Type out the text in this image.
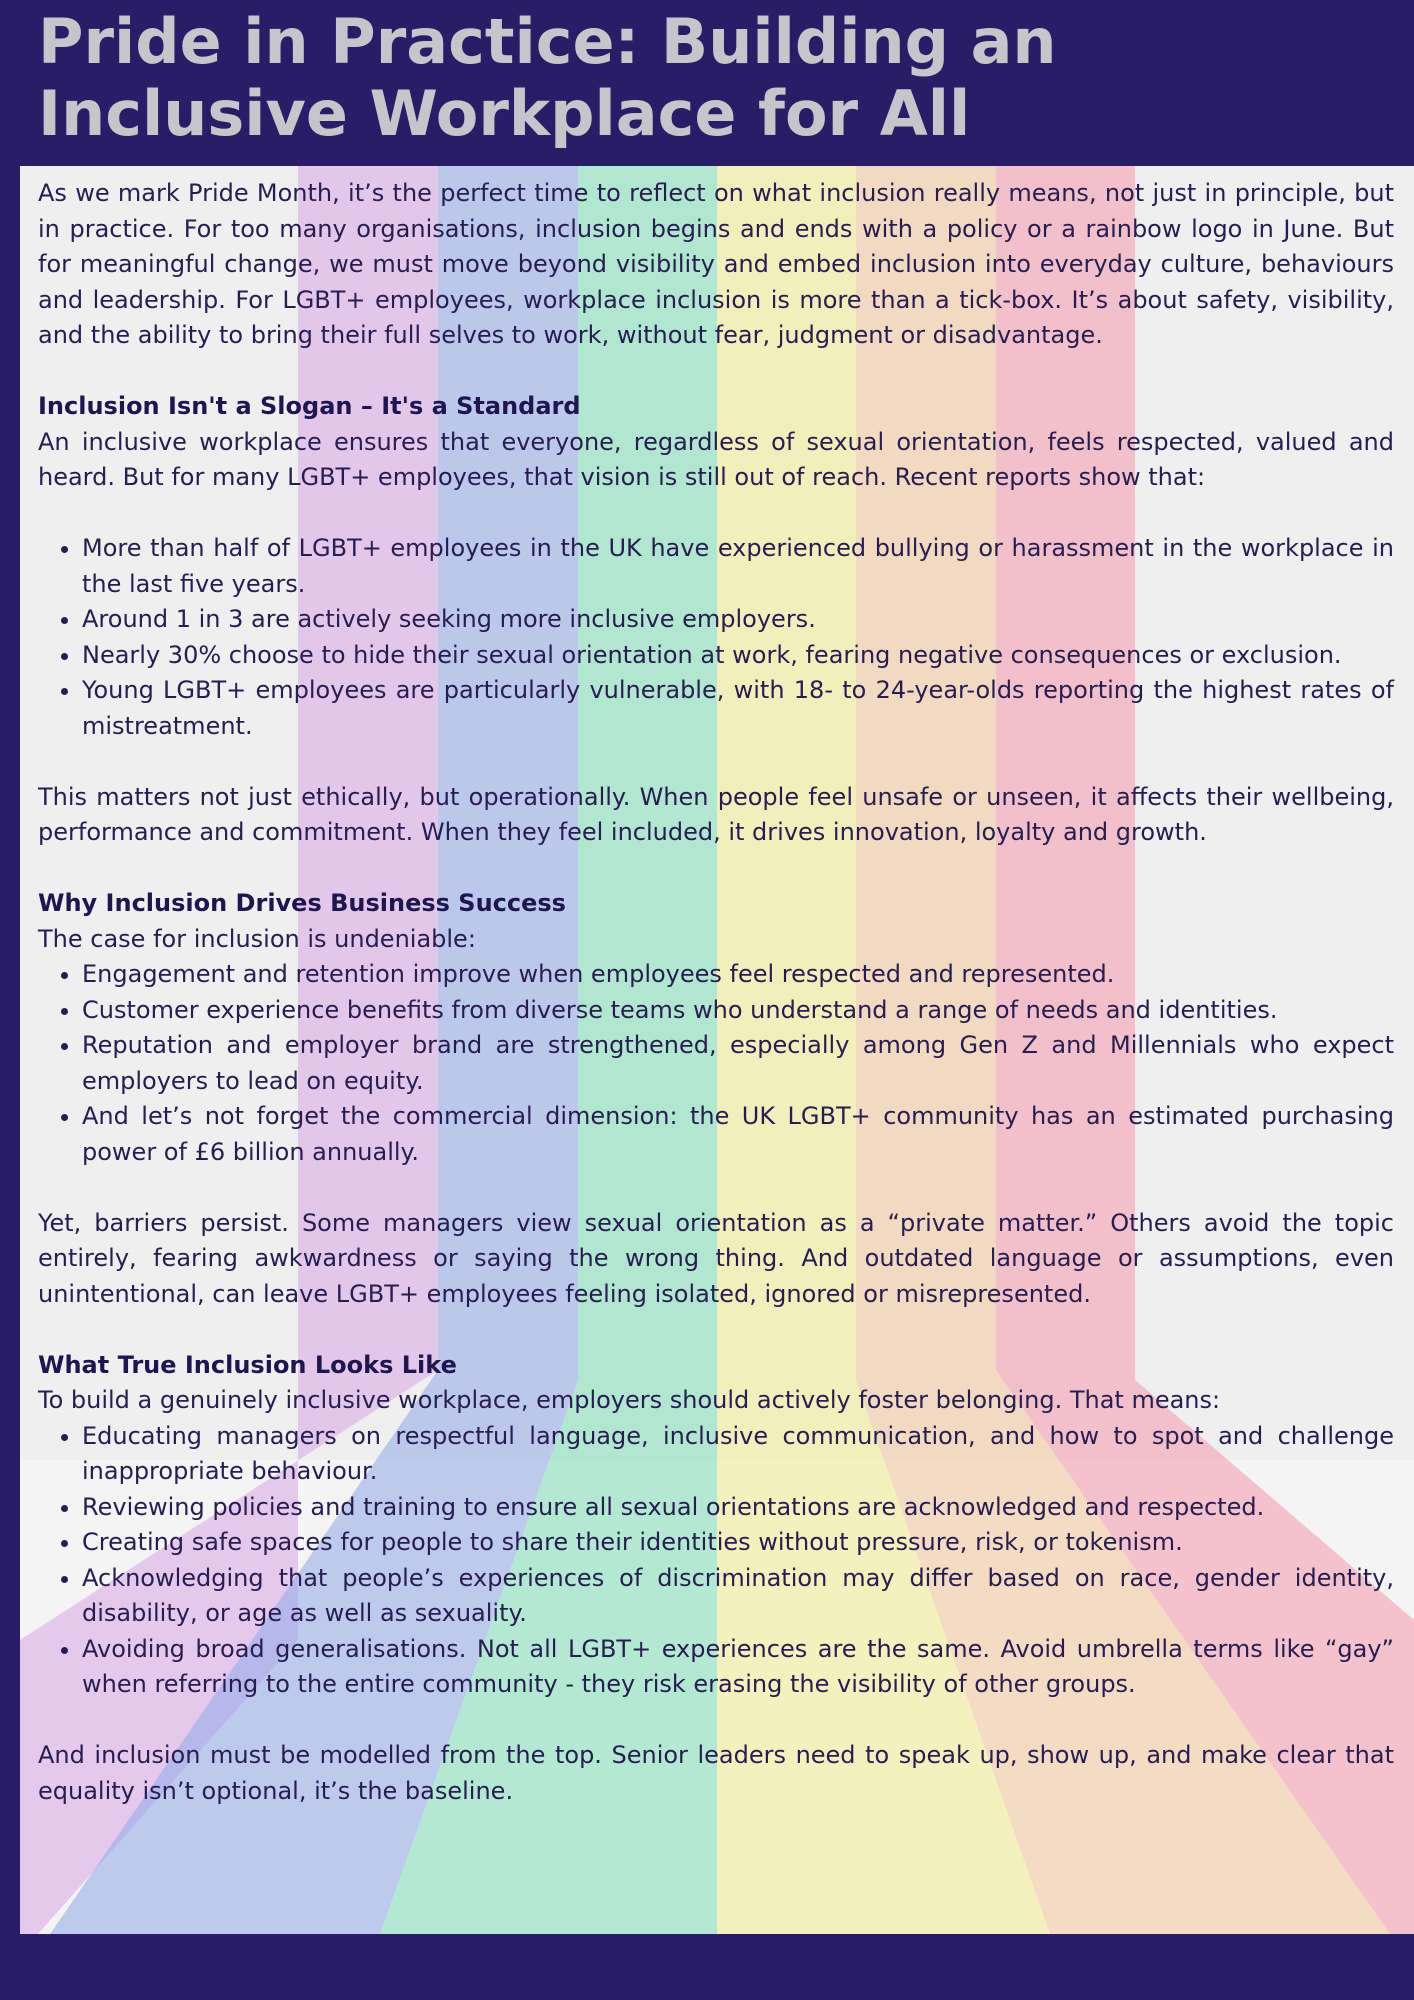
Pride in Practice: Building an Inclusive Workplace for All

As we mark Pride Month, it’s the perfect time to reflect on what inclusion really means, not just in principle, but in practice. For too many organisations, inclusion begins and ends with a policy or a rainbow logo in June. But for meaningful change, we must move beyond visibility and embed inclusion into everyday culture, behaviours and leadership. For LGBT+ employees, workplace inclusion is more than a tick-box. It’s about safety, visibility, and the ability to bring their full selves to work, without fear, judgment or disadvantage.

Inclusion Isn't a Slogan – It's a Standard

An inclusive workplace ensures that everyone, regardless of sexual orientation, feels respected, valued and heard. But for many LGBT+ employees, that vision is still out of reach. Recent reports show that:

• More than half of LGBT+ employees in the UK have experienced bullying or harassment in the workplace in the last five years.
• Around 1 in 3 are actively seeking more inclusive employers.
• Nearly 30% choose to hide their sexual orientation at work, fearing negative consequences or exclusion.
• Young LGBT+ employees are particularly vulnerable, with 18- to 24-year-olds reporting the highest rates of mistreatment.

This matters not just ethically, but operationally. When people feel unsafe or unseen, it affects their wellbeing, performance and commitment. When they feel included, it drives innovation, loyalty and growth.

Why Inclusion Drives Business Success

The case for inclusion is undeniable:

• Engagement and retention improve when employees feel respected and represented.
• Customer experience benefits from diverse teams who understand a range of needs and identities.
• Reputation and employer brand are strengthened, especially among Gen Z and Millennials who expect employers to lead on equity.
• And let’s not forget the commercial dimension: the UK LGBT+ community has an estimated purchasing power of £6 billion annually.

Yet, barriers persist. Some managers view sexual orientation as a “private matter.” Others avoid the topic entirely, fearing awkwardness or saying the wrong thing. And outdated language or assumptions, even unintentional, can leave LGBT+ employees feeling isolated, ignored or misrepresented.

What True Inclusion Looks Like

To build a genuinely inclusive workplace, employers should actively foster belonging. That means:

• Educating managers on respectful language, inclusive communication, and how to spot and challenge inappropriate behaviour.
• Reviewing policies and training to ensure all sexual orientations are acknowledged and respected.
• Creating safe spaces for people to share their identities without pressure, risk, or tokenism.
• Acknowledging that people’s experiences of discrimination may differ based on race, gender identity, disability, or age as well as sexuality.
• Avoiding broad generalisations. Not all LGBT+ experiences are the same. Avoid umbrella terms like “gay” when referring to the entire community - they risk erasing the visibility of other groups.

And inclusion must be modelled from the top. Senior leaders need to speak up, show up, and make clear that equality isn’t optional, it’s the baseline.
